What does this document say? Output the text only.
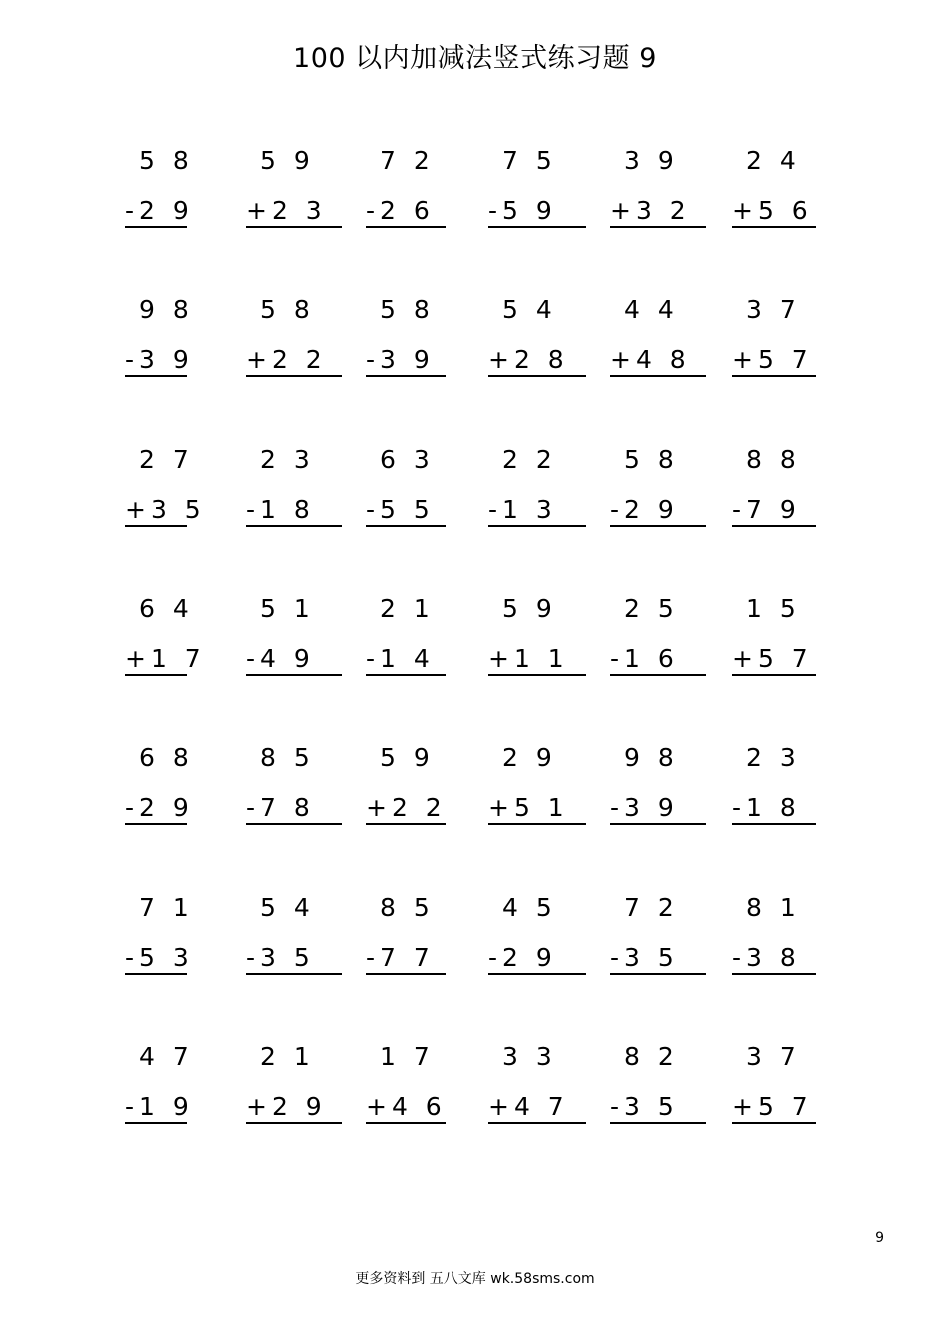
100 以内加减法竖式练习题 9
5 8
-2 9
5 9
+2 3
7 2
-2 6
7 5
-5 9
3 9
+3 2
2 4
+5 6
9 8
-3 9
5 8
+2 2
5 8
-3 9
5 4
+2 8
4 4
+4 8
3 7
+5 7
2 7
+3 5
2 3
-1 8
6 3
-5 5
2 2
-1 3
5 8
-2 9
8 8
-7 9
6 4
+1 7
5 1
-4 9
2 1
-1 4
5 9
+1 1
2 5
-1 6
1 5
+5 7
6 8
-2 9
8 5
-7 8
5 9
+2 2
2 9
+5 1
9 8
-3 9
2 3
-1 8
7 1
-5 3
5 4
-3 5
8 5
-7 7
4 5
-2 9
7 2
-3 5
8 1
-3 8
4 7
-1 9
2 1
+2 9
1 7
+4 6
3 3
+4 7
8 2
-3 5
3 7
+5 7
9
更多资料到 五八文库 wk.58sms.com
